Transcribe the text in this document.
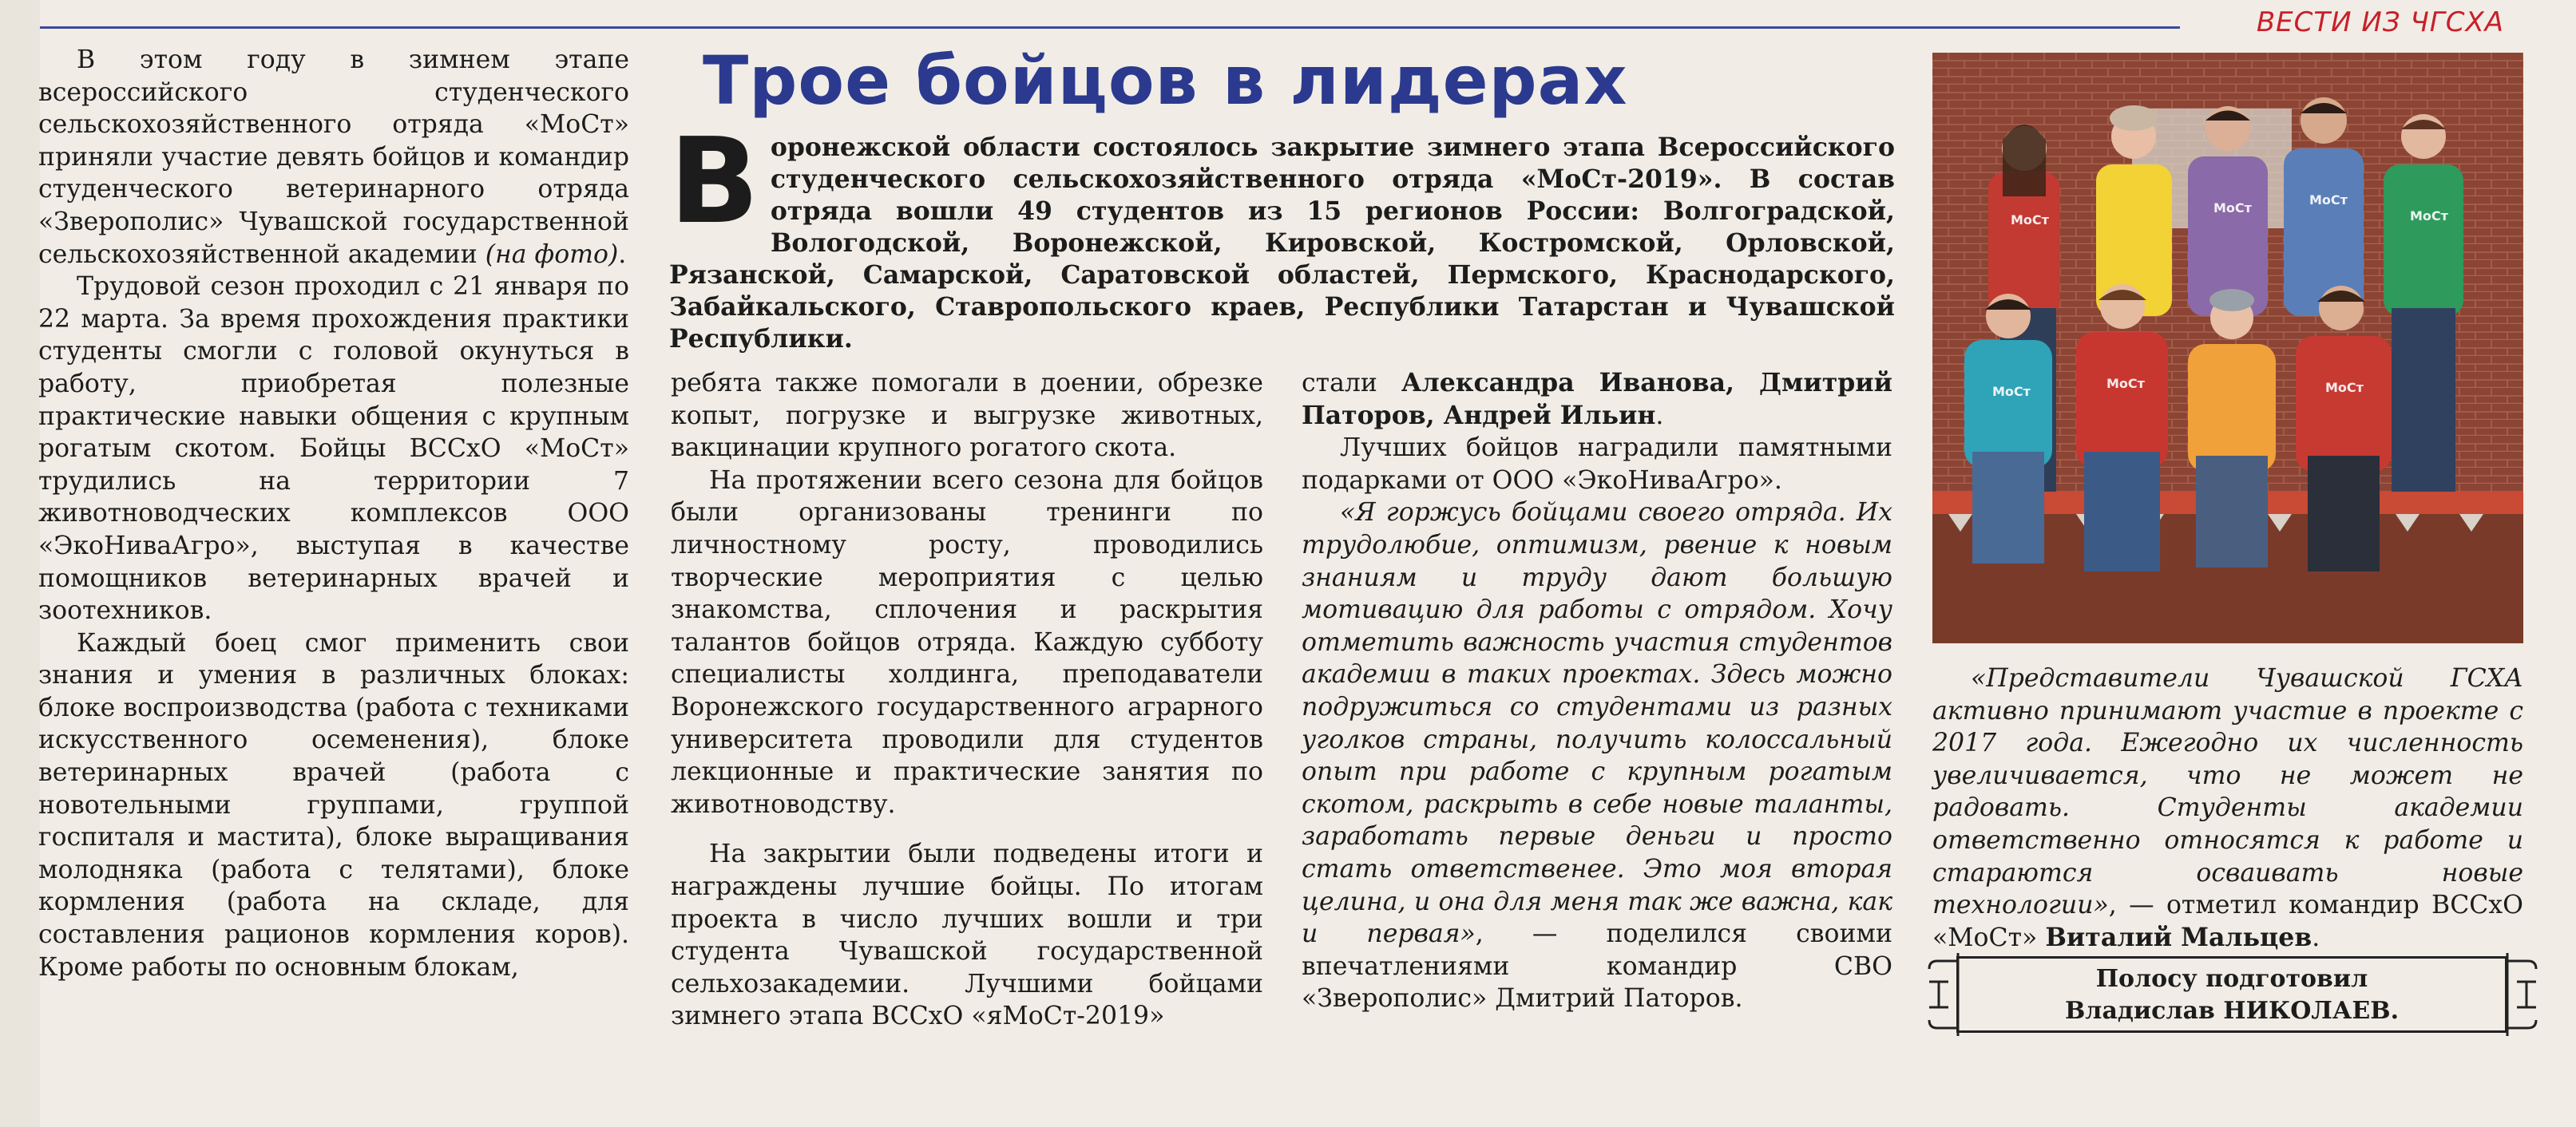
ВЕСТИ ИЗ ЧГСХА

В этом году в зимнем этапе всероссийского студенческого сельскохозяйственного отряда «МоСт» приняли участие девять бойцов и командир студенческого ветеринарного отряда «Зверополис» Чувашской государственной сельскохозяйственной академии (на фото).

Трудовой сезон проходил с 21 января по 22 марта. За время прохождения практики студенты смогли с головой окунуться в работу, приобретая полезные практические навыки общения с крупным рогатым скотом. Бойцы ВССхО «МоСт» трудились на территории 7 животноводческих комплексов ООО «ЭкоНиваАгро», выступая в качестве помощников ветеринарных врачей и зоотехников.

Каждый боец смог применить свои знания и умения в различных блоках: блоке воспроизводства (работа с техниками искусственного осеменения), блоке ветеринарных врачей (работа с новотельными группами, группой госпиталя и мастита), блоке выращивания молодняка (работа с телятами), блоке кормления (работа на складе, для составления рационов кормления коров). Кроме работы по основным блокам,

Трое бойцов в лидерах
Воронежской области состоялось закрытие зимнего этапа Всероссийского студенческого сельскохозяйственного отряда «МоСт-2019». В состав отряда вошли 49 студентов из 15 регионов России: Волгоградской, Вологодской, Воронежской, Кировской, Костромской, Орловской, Рязанской, Самарской, Саратовской областей, Пермского, Краснодарского, Забайкальского, Ставропольского краев, Республики Татарстан и Чувашской Республики.

ребята также помогали в доении, обрезке копыт, погрузке и выгрузке животных, вакцинации крупного рогатого скота.

На протяжении всего сезона для бойцов были организованы тренинги по личностному росту, проводились творческие мероприятия с целью знакомства, сплочения и раскрытия талантов бойцов отряда. Каждую субботу специалисты холдинга, преподаватели Воронежского государственного аграрного университета проводили для студентов лекционные и практические занятия по животноводству.

На закрытии были подведены итоги и награждены лучшие бойцы. По итогам проекта в число лучших вошли и три студента Чувашской государственной сельхозакадемии. Лучшими бойцами зимнего этапа ВССхО «яМоСт-2019»

стали Александра Иванова, Дмитрий Паторов, Андрей Ильин.

Лучших бойцов наградили памятными подарками от ООО «ЭкоНиваАгро».

«Я горжусь бойцами своего отряда. Их трудолюбие, оптимизм, рвение к новым знаниям и труду дают большую мотивацию для работы с отрядом. Хочу отметить важность участия студентов академии в таких проектах. Здесь можно подружиться со студентами из разных уголков страны, получить колоссальный опыт при работе с крупным рогатым скотом, раскрыть в себе новые таланты, заработать первые деньги и просто стать ответственее. Это моя вторая целина, и она для меня так же важна, как и первая», — поделился своими впечатлениями командир СВО «Зверополис» Дмитрий Паторов.

MoСт
MoСт
MoСт
MoСт
MoСт
MoСт	MoСт

«Представители Чувашской ГСХА активно принимают участие в проекте с 2017 года. Ежегодно их численность увеличивается, что не может не радовать. Студенты академии ответственно относятся к работе и стараются осваивать новые технологии», — отметил командир ВССхО «МоСт» Виталий Мальцев.

Полосу подготовил
Владислав НИКОЛАЕВ.
